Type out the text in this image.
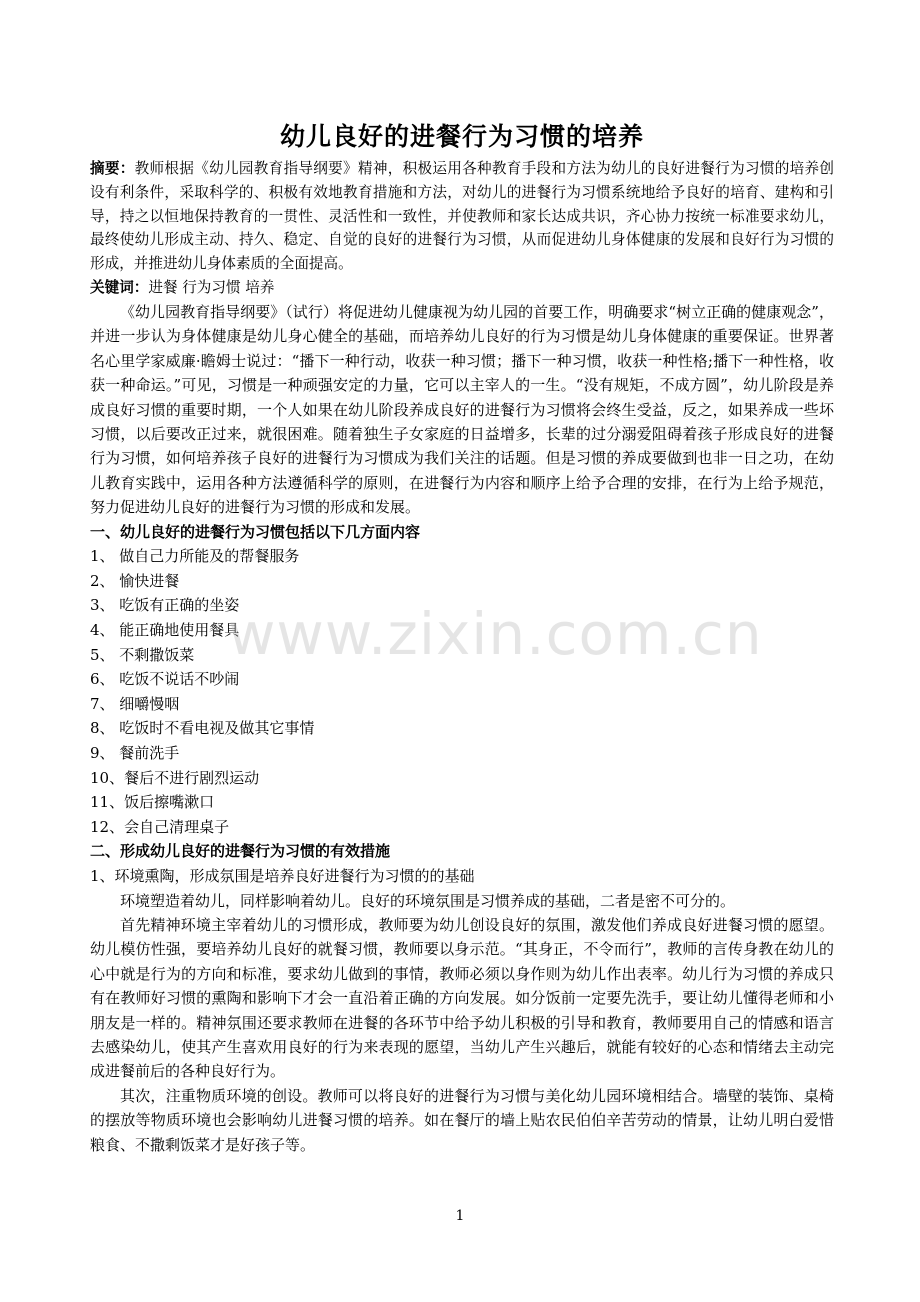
幼儿良好的进餐行为习惯的培养

摘要：教师根据《幼儿园教育指导纲要》精神，积极运用各种教育手段和方法为幼儿的良好进餐行为习惯的培养创设有利条件，采取科学的、积极有效地教育措施和方法，对幼儿的进餐行为习惯系统地给予良好的培育、建构和引导，持之以恒地保持教育的一贯性、灵活性和一致性，并使教师和家长达成共识，齐心协力按统一标准要求幼儿，最终使幼儿形成主动、持久、稳定、自觉的良好的进餐行为习惯，从而促进幼儿身体健康的发展和良好行为习惯的形成，并推进幼儿身体素质的全面提高。

关键词：进餐 行为习惯 培养

《幼儿园教育指导纲要》（试行）将促进幼儿健康视为幼儿园的首要工作，明确要求“树立正确的健康观念”，并进一步认为身体健康是幼儿身心健全的基础，而培养幼儿良好的行为习惯是幼儿身体健康的重要保证。世界著名心里学家威廉·瞻姆士说过：“播下一种行动，收获一种习惯；播下一种习惯，收获一种性格;播下一种性格，收获一种命运。”可见，习惯是一种顽强安定的力量，它可以主宰人的一生。“没有规矩，不成方圆”，幼儿阶段是养成良好习惯的重要时期，一个人如果在幼儿阶段养成良好的进餐行为习惯将会终生受益，反之，如果养成一些坏习惯，以后要改正过来，就很困难。随着独生子女家庭的日益增多，长辈的过分溺爱阻碍着孩子形成良好的进餐行为习惯，如何培养孩子良好的进餐行为习惯成为我们关注的话题。但是习惯的养成要做到也非一日之功，在幼儿教育实践中，运用各种方法遵循科学的原则，在进餐行为内容和顺序上给予合理的安排，在行为上给予规范，努力促进幼儿良好的进餐行为习惯的形成和发展。

一、幼儿良好的进餐行为习惯包括以下几方面内容
1、 做自己力所能及的帮餐服务
2、 愉快进餐
3、 吃饭有正确的坐姿
4、 能正确地使用餐具
5、 不剩撒饭菜
6、 吃饭不说话不吵闹
7、 细嚼慢咽
8、 吃饭时不看电视及做其它事情
9、 餐前洗手
10、餐后不进行剧烈运动
11、饭后擦嘴漱口
12、会自己清理桌子
二、形成幼儿良好的进餐行为习惯的有效措施

1、环境熏陶，形成氛围是培养良好进餐行为习惯的的基础

环境塑造着幼儿，同样影响着幼儿。良好的环境氛围是习惯养成的基础，二者是密不可分的。

首先精神环境主宰着幼儿的习惯形成，教师要为幼儿创设良好的氛围，激发他们养成良好进餐习惯的愿望。幼儿模仿性强，要培养幼儿良好的就餐习惯，教师要以身示范。“其身正，不令而行”，教师的言传身教在幼儿的心中就是行为的方向和标准，要求幼儿做到的事情，教师必须以身作则为幼儿作出表率。幼儿行为习惯的养成只有在教师好习惯的熏陶和影响下才会一直沿着正确的方向发展。如分饭前一定要先洗手，要让幼儿懂得老师和小朋友是一样的。精神氛围还要求教师在进餐的各环节中给予幼儿积极的引导和教育，教师要用自己的情感和语言去感染幼儿，使其产生喜欢用良好的行为来表现的愿望，当幼儿产生兴趣后，就能有较好的心态和情绪去主动完成进餐前后的各种良好行为。

其次，注重物质环境的创设。教师可以将良好的进餐行为习惯与美化幼儿园环境相结合。墙壁的装饰、桌椅的摆放等物质环境也会影响幼儿进餐习惯的培养。如在餐厅的墙上贴农民伯伯辛苦劳动的情景，让幼儿明白爱惜粮食、不撒剩饭菜才是好孩子等。

www.zixin.com.cn
1
